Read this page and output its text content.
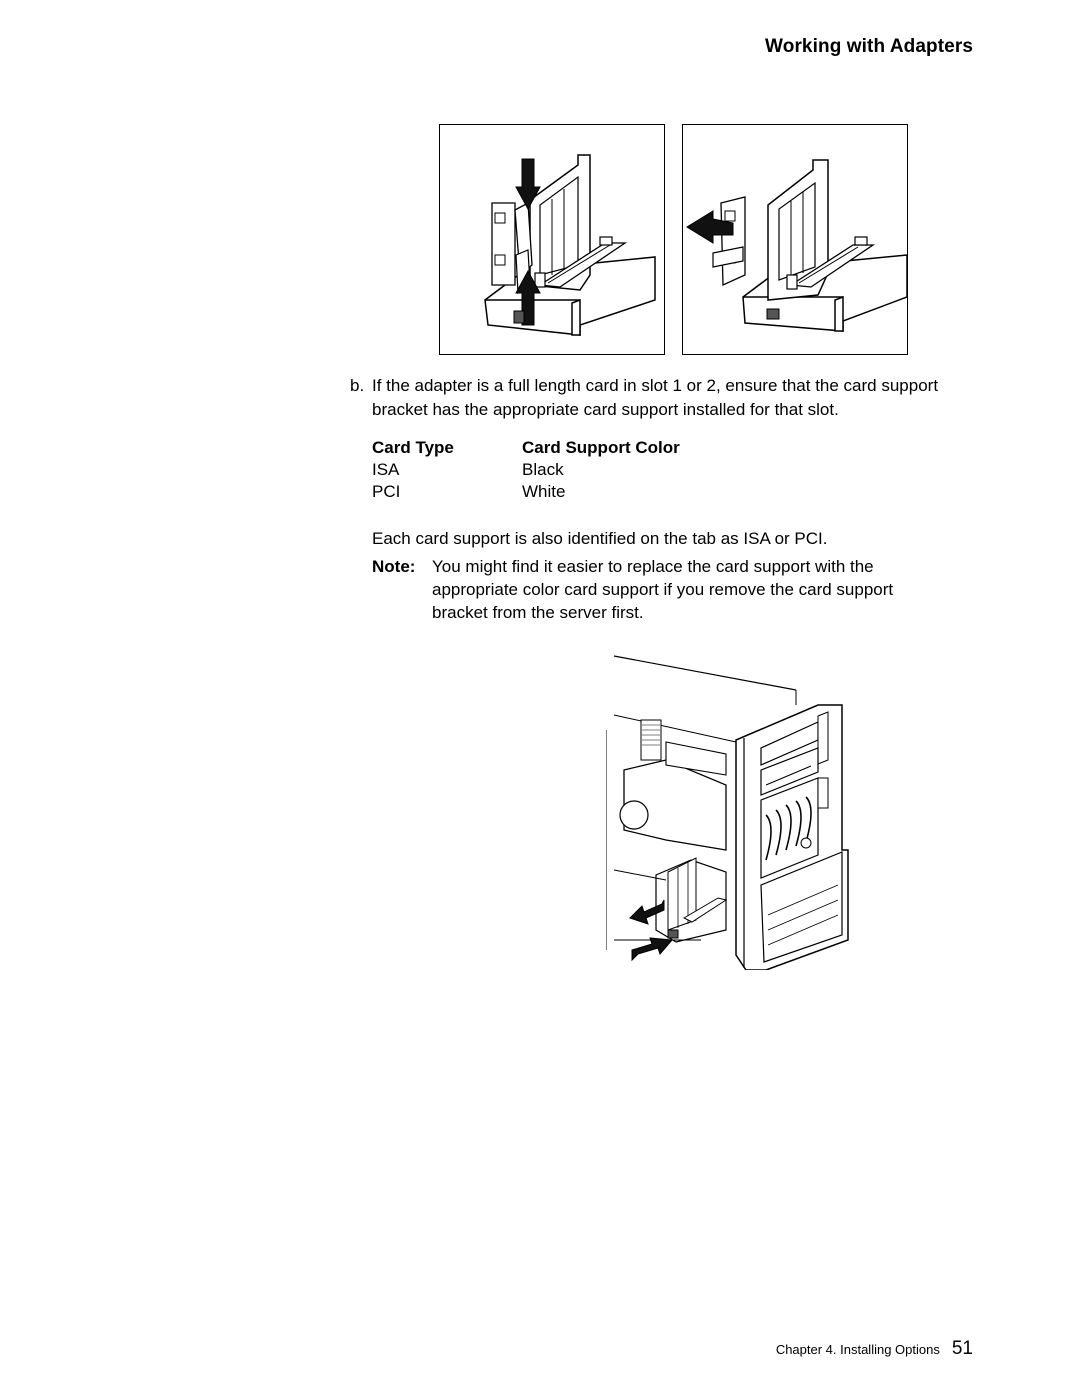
Working with Adapters
b. If the adapter is a full length card in slot 1 or 2, ensure that the card support bracket has the appropriate card support installed for that slot.
Card Type	Card Support Color
ISA	Black
PCI	White
Each card support is also identified on the tab as ISA or PCI.
Note: You might find it easier to replace the card support with the appropriate color card support if you remove the card support bracket from the server first.
Chapter 4. Installing Options 51
